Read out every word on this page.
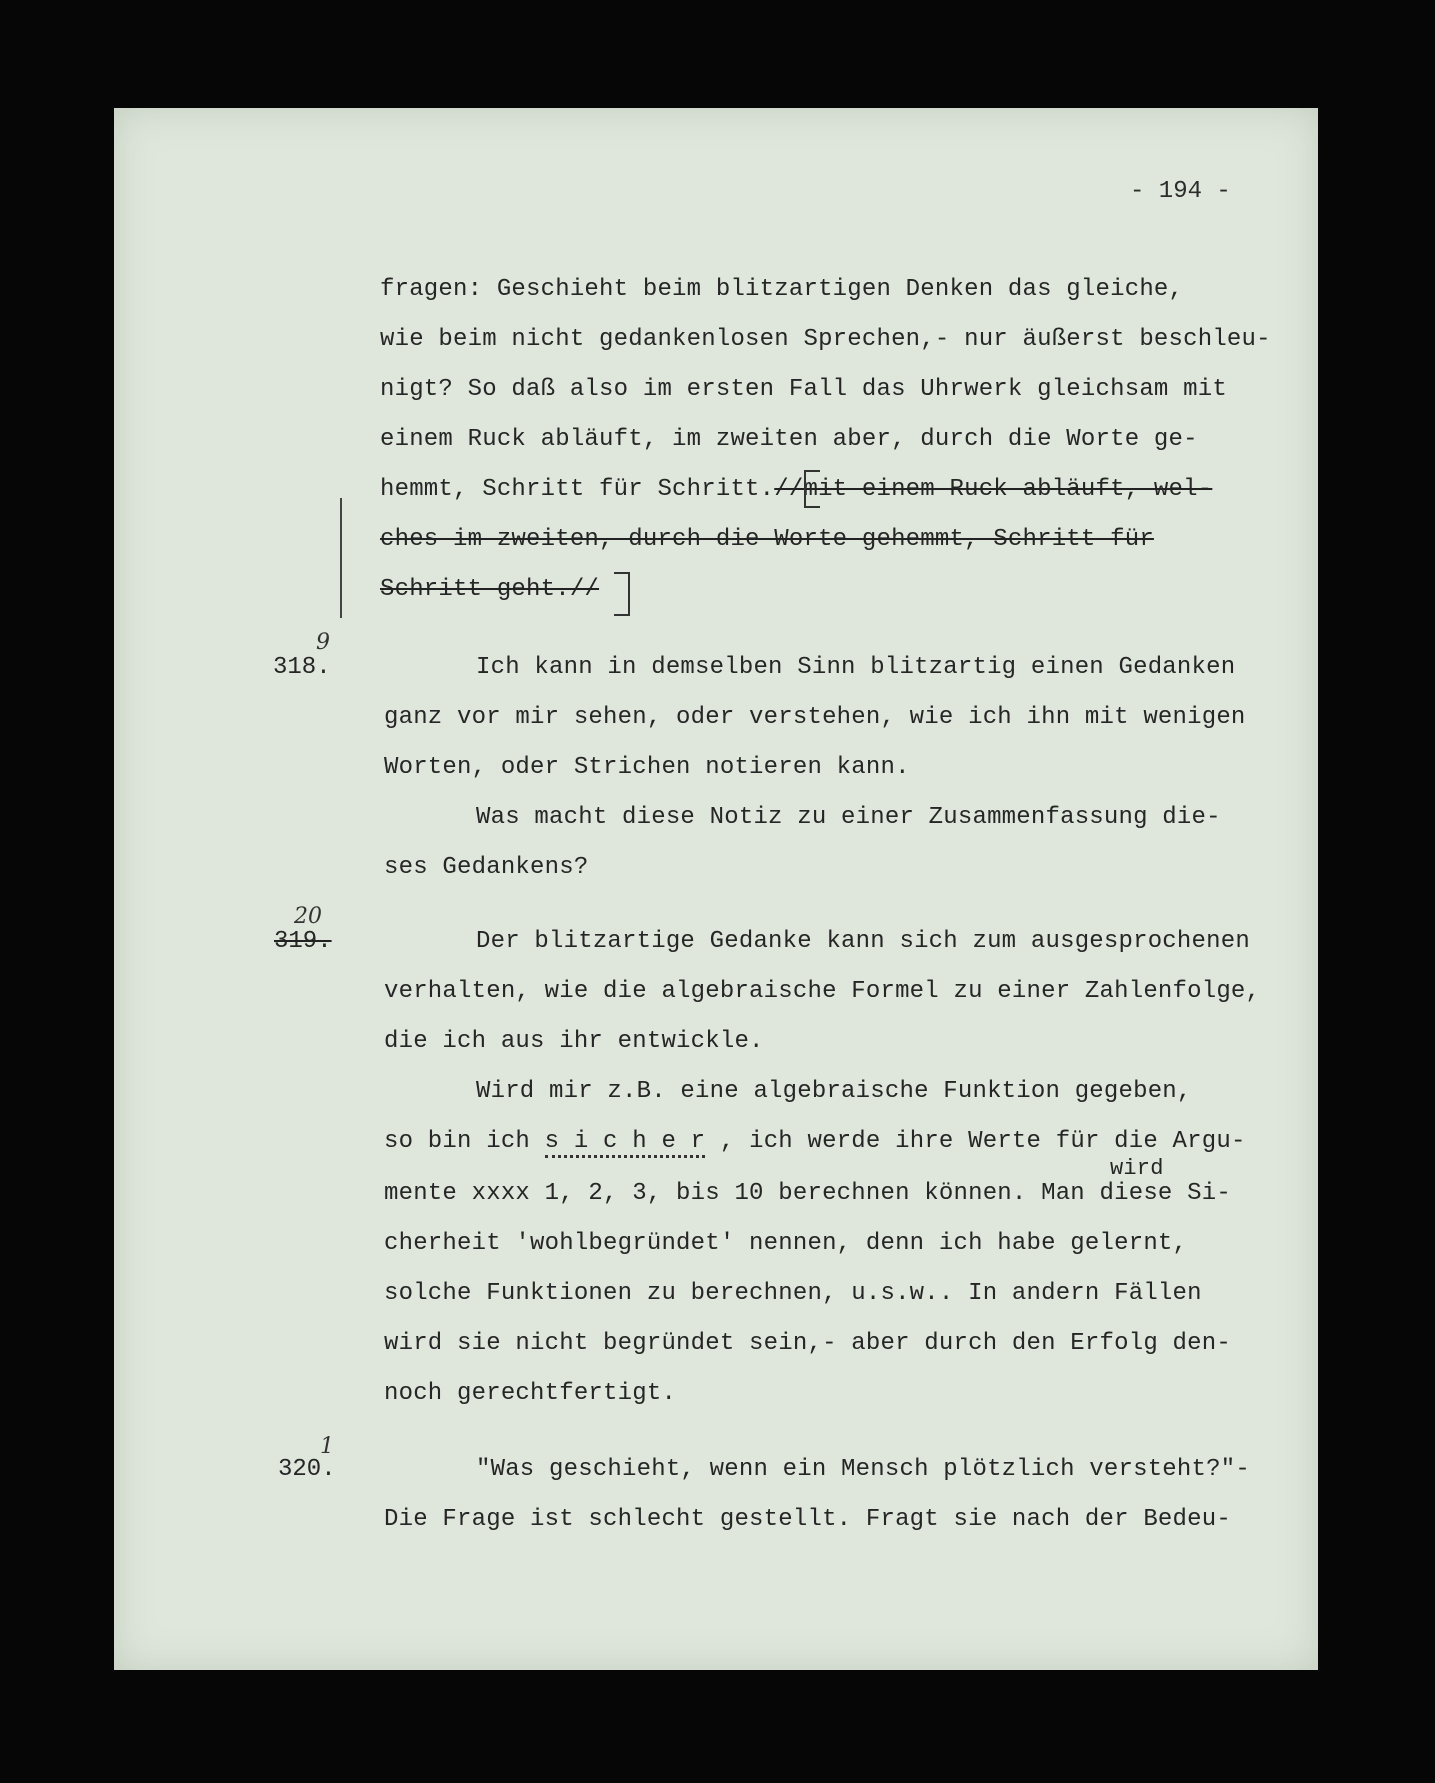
- 194 -
fragen: Geschieht beim blitzartigen Denken das gleiche,
wie beim nicht gedankenlosen Sprechen,- nur äußerst beschleu-
nigt? So daß also im ersten Fall das Uhrwerk gleichsam mit
einem Ruck abläuft, im zweiten aber, durch die Worte ge-
hemmt, Schritt für Schritt.//mit einem Ruck abläuft, wel-
ches im zweiten, durch die Worte gehemmt, Schritt für
Schritt geht.//
318.
9
Ich kann in demselben Sinn blitzartig einen Gedanken
ganz vor mir sehen, oder verstehen, wie ich ihn mit wenigen
Worten, oder Strichen notieren kann.
Was macht diese Notiz zu einer Zusammenfassung die-
ses Gedankens?
20
319.	Der blitzartige Gedanke kann sich zum ausgesprochenen
verhalten, wie die algebraische Formel zu einer Zahlenfolge,
die ich aus ihr entwickle.
Wird mir z.B. eine algebraische Funktion gegeben,
so bin ich s i c h e r , ich werde ihre Werte für die Argu-
wird
mente xxxx 1, 2, 3, bis 10 berechnen können. Man diese Si-
cherheit 'wohlbegründet' nennen, denn ich habe gelernt,
solche Funktionen zu berechnen, u.s.w.. In andern Fällen
wird sie nicht begründet sein,- aber durch den Erfolg den-
noch gerechtfertigt.
320.
1
"Was geschieht, wenn ein Mensch plötzlich versteht?"-
Die Frage ist schlecht gestellt. Fragt sie nach der Bedeu-
